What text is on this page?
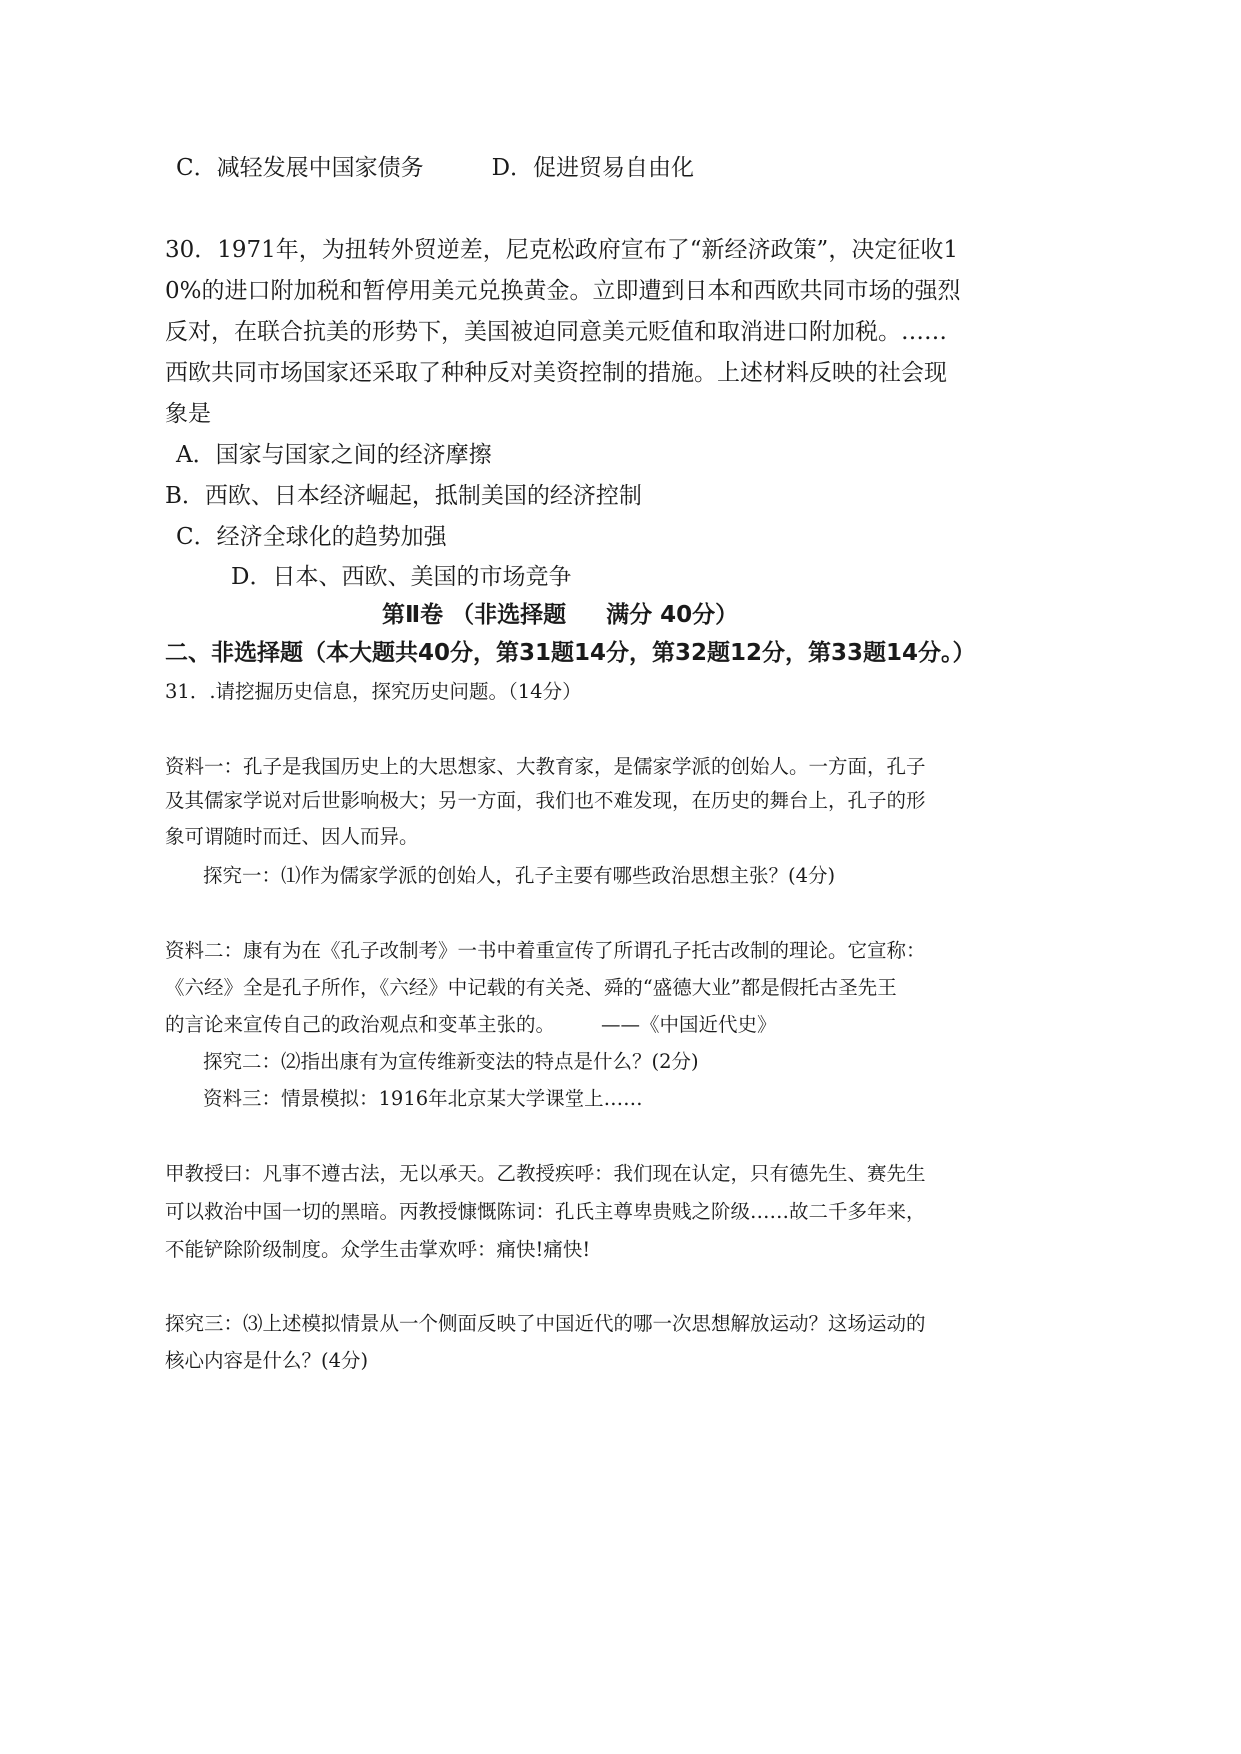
C．减轻发展中国家债务	D．促进贸易自由化
30．1971年，为扭转外贸逆差，尼克松政府宣布了“新经济政策”，决定征收1
0%的进口附加税和暂停用美元兑换黄金。立即遭到日本和西欧共同市场的强烈
反对，在联合抗美的形势下，美国被迫同意美元贬值和取消进口附加税。……
西欧共同市场国家还采取了种种反对美资控制的措施。上述材料反映的社会现
象是
A．国家与国家之间的经济摩擦
B．西欧、日本经济崛起，抵制美国的经济控制
C．经济全球化的趋势加强
D．日本、西欧、美国的市场竞争
第Ⅱ卷 （非选择题 满分 40分）
二、非选择题（本大题共40分，第31题14分，第32题12分，第33题14分。）
31．.请挖掘历史信息，探究历史问题。（14分）
资料一：孔子是我国历史上的大思想家、大教育家，是儒家学派的创始人。一方面，孔子
及其儒家学说对后世影响极大；另一方面，我们也不难发现，在历史的舞台上，孔子的形
象可谓随时而迁、因人而异。
探究一：⑴作为儒家学派的创始人，孔子主要有哪些政治思想主张？(4分)
资料二：康有为在《孔子改制考》一书中着重宣传了所谓孔子托古改制的理论。它宣称：
《六经》全是孔子所作，《六经》中记载的有关尧、舜的“盛德大业”都是假托古圣先王
的言论来宣传自己的政治观点和变革主张的。 ——《中国近代史》
探究二：⑵指出康有为宣传维新变法的特点是什么？(2分)
资料三：情景模拟：1916年北京某大学课堂上……
甲教授曰：凡事不遵古法，无以承天。乙教授疾呼：我们现在认定，只有德先生、赛先生
可以救治中国一切的黑暗。丙教授慷慨陈词：孔氏主尊卑贵贱之阶级……故二千多年来，
不能铲除阶级制度。众学生击掌欢呼：痛快!痛快!
探究三：⑶上述模拟情景从一个侧面反映了中国近代的哪一次思想解放运动？这场运动的
核心内容是什么？(4分)
